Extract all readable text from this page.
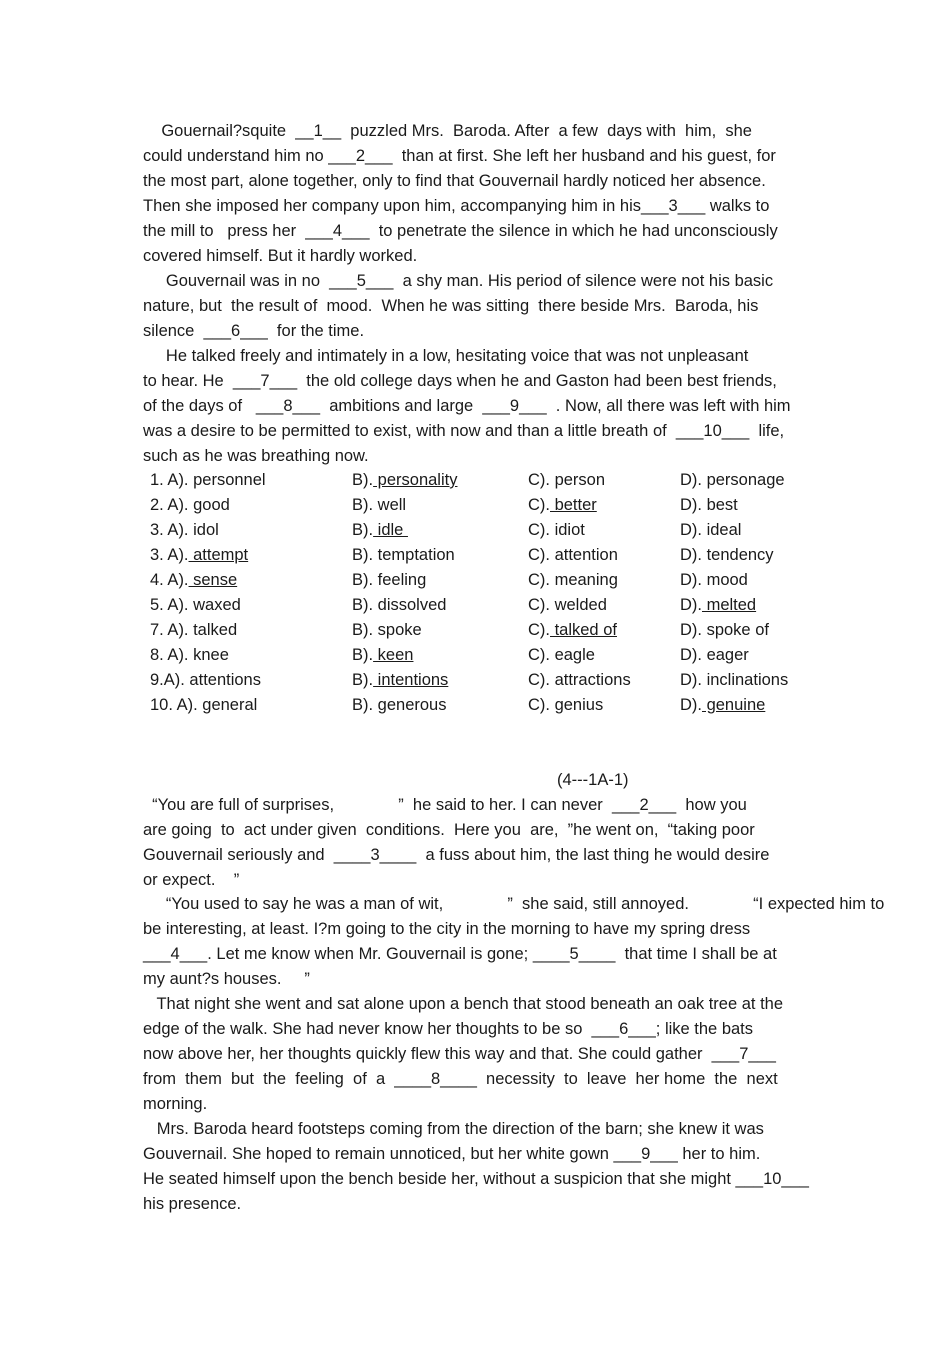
Gouernail?squite  __1__  puzzled Mrs.  Baroda. After  a few  days with  him,  she
could understand him no ___2___  than at first. She left her husband and his guest, for
the most part, alone together, only to find that Gouvernail hardly noticed her absence.
Then she imposed her company upon him, accompanying him in his___3___ walks to
the mill to   press her  ___4___  to penetrate the silence in which he had unconsciously
covered himself. But it hardly worked.
Gouvernail was in no  ___5___  a shy man. His period of silence were not his basic
nature, but  the result of  mood.  When he was sitting  there beside Mrs.  Baroda, his
silence  ___6___  for the time.
He talked freely and intimately in a low, hesitating voice that was not unpleasant
to hear. He  ___7___  the old college days when he and Gaston had been best friends,
of the days of   ___8___  ambitions and large  ___9___  . Now, all there was left with him
was a desire to be permitted to exist, with now and than a little breath of  ___10___  life,
such as he was breathing now.
1. A). personnel	B). personality	C). person	D). personage
2. A). good	B). well	C). better	D). best
3. A). idol	B). idle	C). idiot	D). ideal
3. A). attempt	B). temptation	C). attention	D). tendency
4. A). sense	B). feeling	C). meaning	D). mood
5. A). waxed	B). dissolved	C). welded	D). melted
7. A). talked	B). spoke	C). talked of	D). spoke of
8. A). knee	B). keen	C). eagle	D). eager
9.A). attentions	B). intentions	C). attractions	D). inclinations
10. A). general	B). generous	C). genius	D). genuine
(4---1A-1)
“You are full of surprises,              ”  he said to her. I can never  ___2___  how you
are going  to  act under given  conditions.  Here you  are,  ”he went on,  “taking poor
Gouvernail seriously and  ____3____  a fuss about him, the last thing he would desire
or expect.    ”
“You used to say he was a man of wit,              ”  she said, still annoyed.              “I expected him to
be interesting, at least. I?m going to the city in the morning to have my spring dress
___4___. Let me know when Mr. Gouvernail is gone; ____5____  that time I shall be at
my aunt?s houses.     ”
That night she went and sat alone upon a bench that stood beneath an oak tree at the
edge of the walk. She had never know her thoughts to be so  ___6___; like the bats
now above her, her thoughts quickly flew this way and that. She could gather  ___7___
from  them  but  the  feeling  of  a  ____8____  necessity  to  leave  her home  the  next
morning.
Mrs. Baroda heard footsteps coming from the direction of the barn; she knew it was
Gouvernail. She hoped to remain unnoticed, but her white gown ___9___ her to him.
He seated himself upon the bench beside her, without a suspicion that she might ___10___
his presence.
